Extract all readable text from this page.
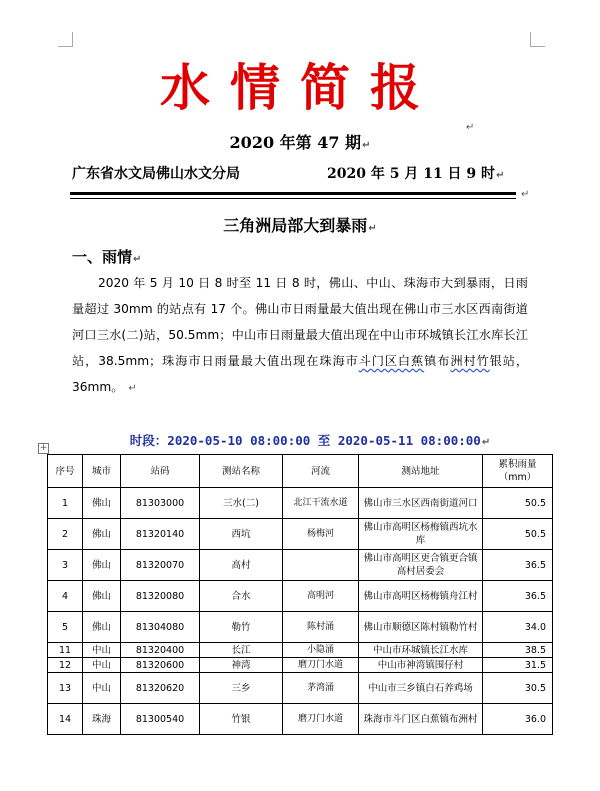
水情简报
↵
2020 年第 47 期↵
广东省水文局佛山水文分局	2020 年 5 月 11 日 9 时↵
↵
三角洲局部大到暴雨↵
一、雨情↵
2020 年 5 月 10 日 8 时至 11 日 8 时，佛山、中山、珠海市大到暴雨，日雨量超过 30mm 的站点有 17 个。佛山市日雨量最大值出现在佛山市三水区西南街道河口三水(二)站，50.5mm；中山市日雨量最大值出现在中山市环城镇长江水库长江站，38.5mm；珠海市日雨量最大值出现在珠海市斗门区白蕉镇布洲村竹银站，36mm。 ↵
时段：2020-05-10 08:00:00 至 2020-05-11 08:00:00↵
+
序号	城市	站码	测站名称	河流	测站地址	累积雨量（mm）
1	佛山	81303000	三水(二)	北江干流水道	佛山市三水区西南街道河口	50.5
2	佛山	81320140	西坑	杨梅河	佛山市高明区杨梅镇西坑水库	50.5
3	佛山	81320070	高村		佛山市高明区更合镇更合镇高村居委会	36.5
4	佛山	81320080	合水	高明河	佛山市高明区杨梅镇舟江村	36.5
5	佛山	81304080	勒竹	陈村涌	佛山市顺德区陈村镇勒竹村	34.0
11	中山	81320400	长江	小隐涌	中山市环城镇长江水库	38.5
12	中山	81320600	神湾	磨刀门水道	中山市神湾镇围仔村	31.5
13	中山	81320620	三乡	茅湾涌	中山市三乡镇白石养鸡场	30.5
14	珠海	81300540	竹银	磨刀门水道	珠海市斗门区白蕉镇布洲村	36.0
